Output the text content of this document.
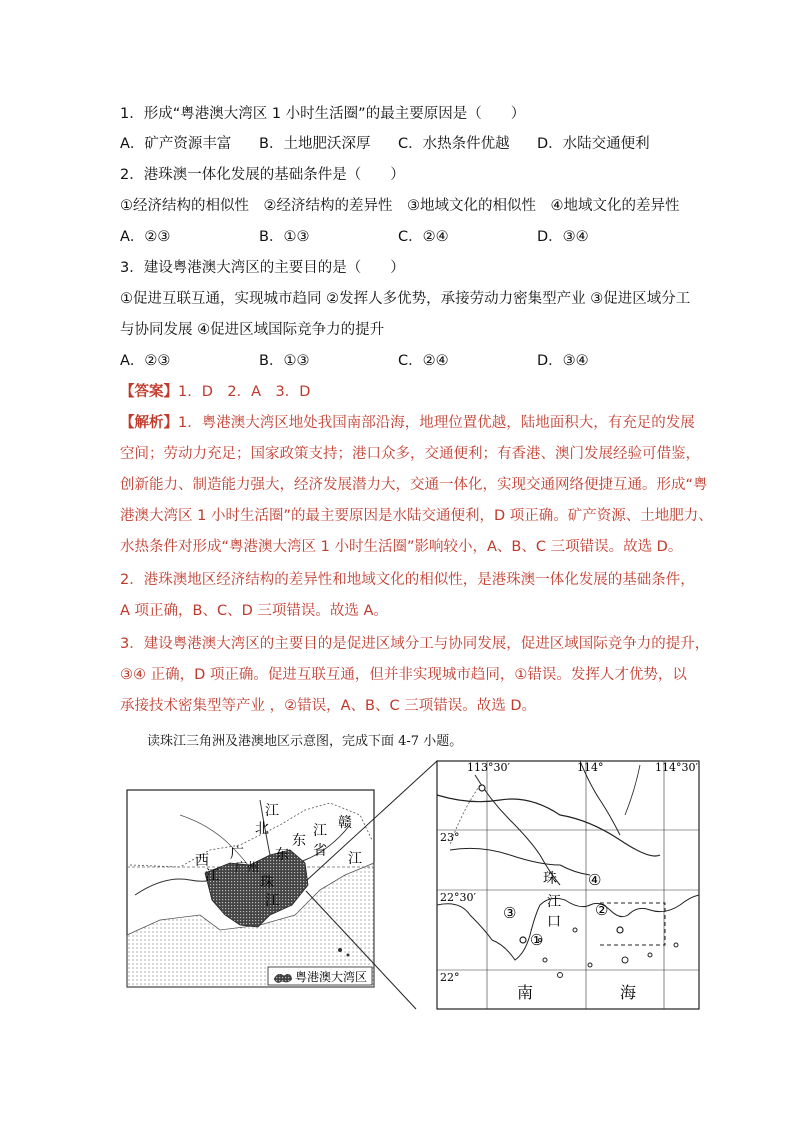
1．形成“粤港澳大湾区 1 小时生活圈”的最主要原因是（　　）
A．矿产资源丰富	B．土地肥沃深厚	C．水热条件优越	D．水陆交通便利
2．港珠澳一体化发展的基础条件是（　　）
①经济结构的相似性　②经济结构的差异性　③地域文化的相似性　④地域文化的差异性
A．②③	B．①③	C．②④	D．③④
3．建设粤港澳大湾区的主要目的是（　　）
①促进互联互通，实现城市趋同 ②发挥人多优势，承接劳动力密集型产业 ③促进区域分工
与协同发展 ④促进区域国际竞争力的提升
A．②③	B．①③	C．②④	D．③④
【答案】1．D　2．A　3．D
【解析】1．粤港澳大湾区地处我国南部沿海，地理位置优越，陆地面积大，有充足的发展
空间；劳动力充足；国家政策支持；港口众多，交通便利；有香港、澳门发展经验可借鉴，
创新能力、制造能力强大，经济发展潜力大，交通一体化，实现交通网络便捷互通。形成“粤
港澳大湾区 1 小时生活圈”的最主要原因是水陆交通便利，D 项正确。矿产资源、土地肥力、
水热条件对形成“粤港澳大湾区 1 小时生活圈”影响较小，A、B、C 三项错误。故选 D。
2．港珠澳地区经济结构的差异性和地域文化的相似性，是港珠澳一体化发展的基础条件，
A 项正确，B、C、D 三项错误。故选 A。
3．建设粤港澳大湾区的主要目的是促进区域分工与协同发展，促进区域国际竞争力的提升，
③④ 正确，D 项正确。促进互联互通，但并非实现城市趋同，①错误。发挥人才优势，以
承接技术密集型等产业 ，②错误，A、B、C 三项错误。故选 D。
读珠江三角洲及港澳地区示意图，完成下面 4-7 小题。
江
北
东
江 赣
西 广
广州
东 省
江
江
珠
江
粤港澳大湾区
113°30′	114°	114°30′
23°
22°30′
22°
珠
江
口
南	海
①
②
③
④
